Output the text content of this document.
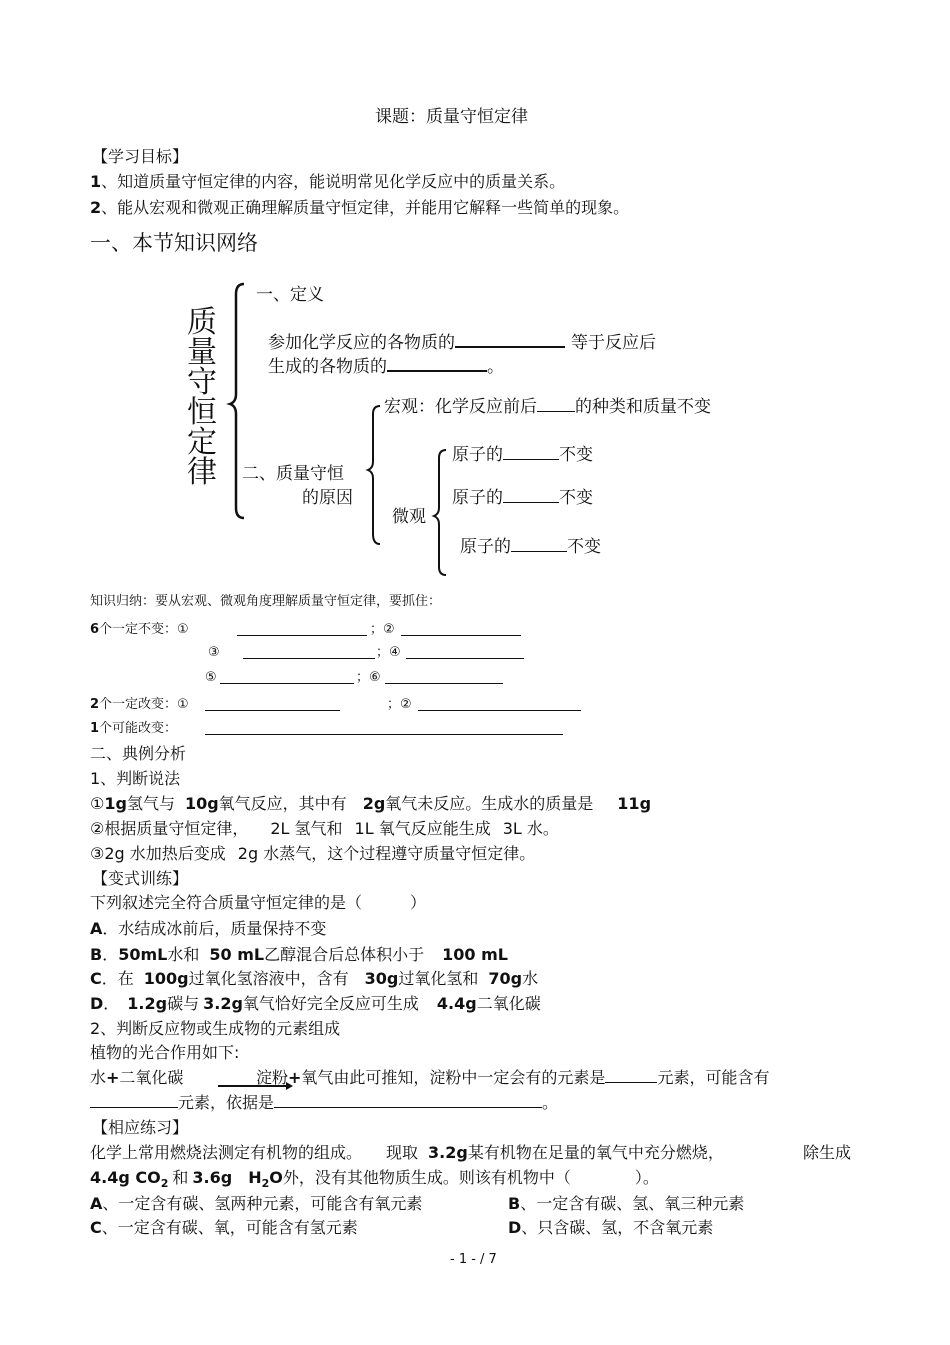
课题：质量守恒定律
【学习目标】
1、知道质量守恒定律的内容，能说明常见化学反应中的质量关系。
2、能从宏观和微观正确理解质量守恒定律，并能用它解释一些简单的现象。
一、本节知识网络
质量守恒定律
一、定义
参加化学反应的各物质的	等于反应后
生成的各物质的	。
二、质量守恒
的原因
宏观：化学反应前后 的种类和质量不变
微观
原子的	不变
原子的	不变
原子的	不变
知识归纳：要从宏观、微观角度理解质量守恒定律，要抓住：
6个一定不变：①	；②
③	；④
⑤	；⑥
2个一定改变：①	；②
1个可能改变：
二、典例分析
1、判断说法
①1g氢气与 10g氧气反应，其中有 2g氧气未反应。生成水的质量是 11g
②根据质量守恒定律， 2L 氢气和 1L 氧气反应能生成 3L 水。
③2g 水加热后变成 2g 水蒸气，这个过程遵守质量守恒定律。
【变式训练】
下列叙述完全符合质量守恒定律的是（　　　）
A．水结成冰前后，质量保持不变
B．50mL水和 50 mL乙醇混合后总体积小于 100 mL
C．在 100g过氧化氢溶液中，含有 30g过氧化氢和 70g水
D． 1.2g碳与 3.2g氧气恰好完全反应可生成 4.4g二氧化碳
2、判断反应物或生成物的元素组成
植物的光合作用如下:
水+二氧化碳	淀粉+氧气由此可推知，淀粉中一定会有的元素是	元素，可能含有
元素，依据是	。
【相应练习】
化学上常用燃烧法测定有机物的组成。 现取 3.2g某有机物在足量的氧气中充分燃烧，	除生成
4.4g $CO_2$ 和 3.6g $H_2O$外，没有其他物质生成。则该有机物中（　　　　）。
A、一定含有碳、氢两种元素，可能含有氧元素	B、一定含有碳、氢、氧三种元素
C、一定含有碳、氧，可能含有氢元素	D、只含碳、氢，不含氧元素
- 1 - / 7
